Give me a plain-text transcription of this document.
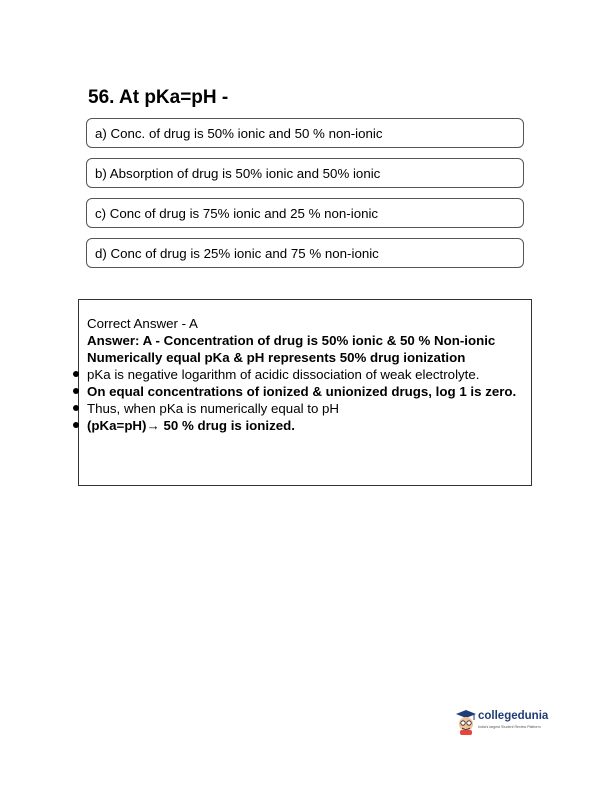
56. At pKa=pH -
a) Conc. of drug is 50% ionic and 50 % non-ionic
b) Absorption of drug is 50% ionic and 50% ionic
c) Conc of drug is 75% ionic and 25 % non-ionic
d) Conc of drug is 25% ionic and 75 % non-ionic
Correct Answer - A
Answer: A - Concentration of drug is 50% ionic & 50 % Non-ionic
Numerically equal pKa & pH represents 50% drug ionization
pKa is negative logarithm of acidic dissociation of weak electrolyte.
On equal concentrations of ionized & unionized drugs, log 1 is zero.
Thus, when pKa is numerically equal to pH
(pKa=pH)→ 50 % drug is ionized.
collegedunia
India's largest Student Review Platform
